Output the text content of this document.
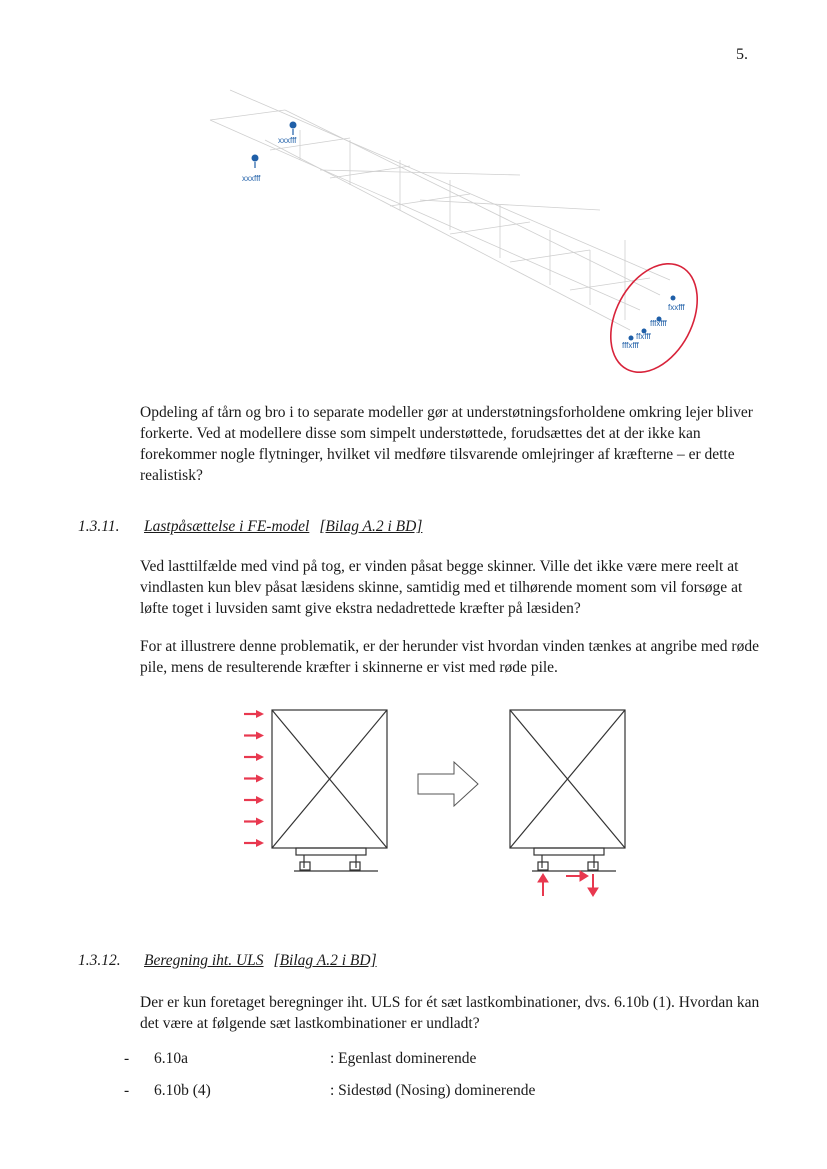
5.
xxxfff
xxxfff
fxxfff
fffxfff
ffxfff
fffxfff

Opdeling af tårn og bro i to separate modeller gør at understøtningsforholdene omkring lejer bliver forkerte. Ved at modellere disse som simpelt understøttede, forudsættes det at der ikke kan forekommer nogle flytninger, hvilket vil medføre tilsvarende omlejringer af kræfterne – er dette realistisk?

1.3.11. Lastpåsættelse i FE-model [Bilag A.2 i BD]

Ved lasttilfælde med vind på tog, er vinden påsat begge skinner. Ville det ikke være mere reelt at vindlasten kun blev påsat læsidens skinne, samtidig med et tilhørende moment som vil forsøge at løfte toget i luvsiden samt give ekstra nedadrettede kræfter på læsiden?

For at illustrere denne problematik, er der herunder vist hvordan vinden tænkes at angribe med røde pile, mens de resulterende kræfter i skinnerne er vist med røde pile.

1.3.12. Beregning iht. ULS [Bilag A.2 i BD]

Der er kun foretaget beregninger iht. ULS for ét sæt lastkombinationer, dvs. 6.10b (1). Hvordan kan det være at følgende sæt lastkombinationer er undladt?

- 6.10a	: Egenlast dominerende
- 6.10b (4)	: Sidestød (Nosing) dominerende
